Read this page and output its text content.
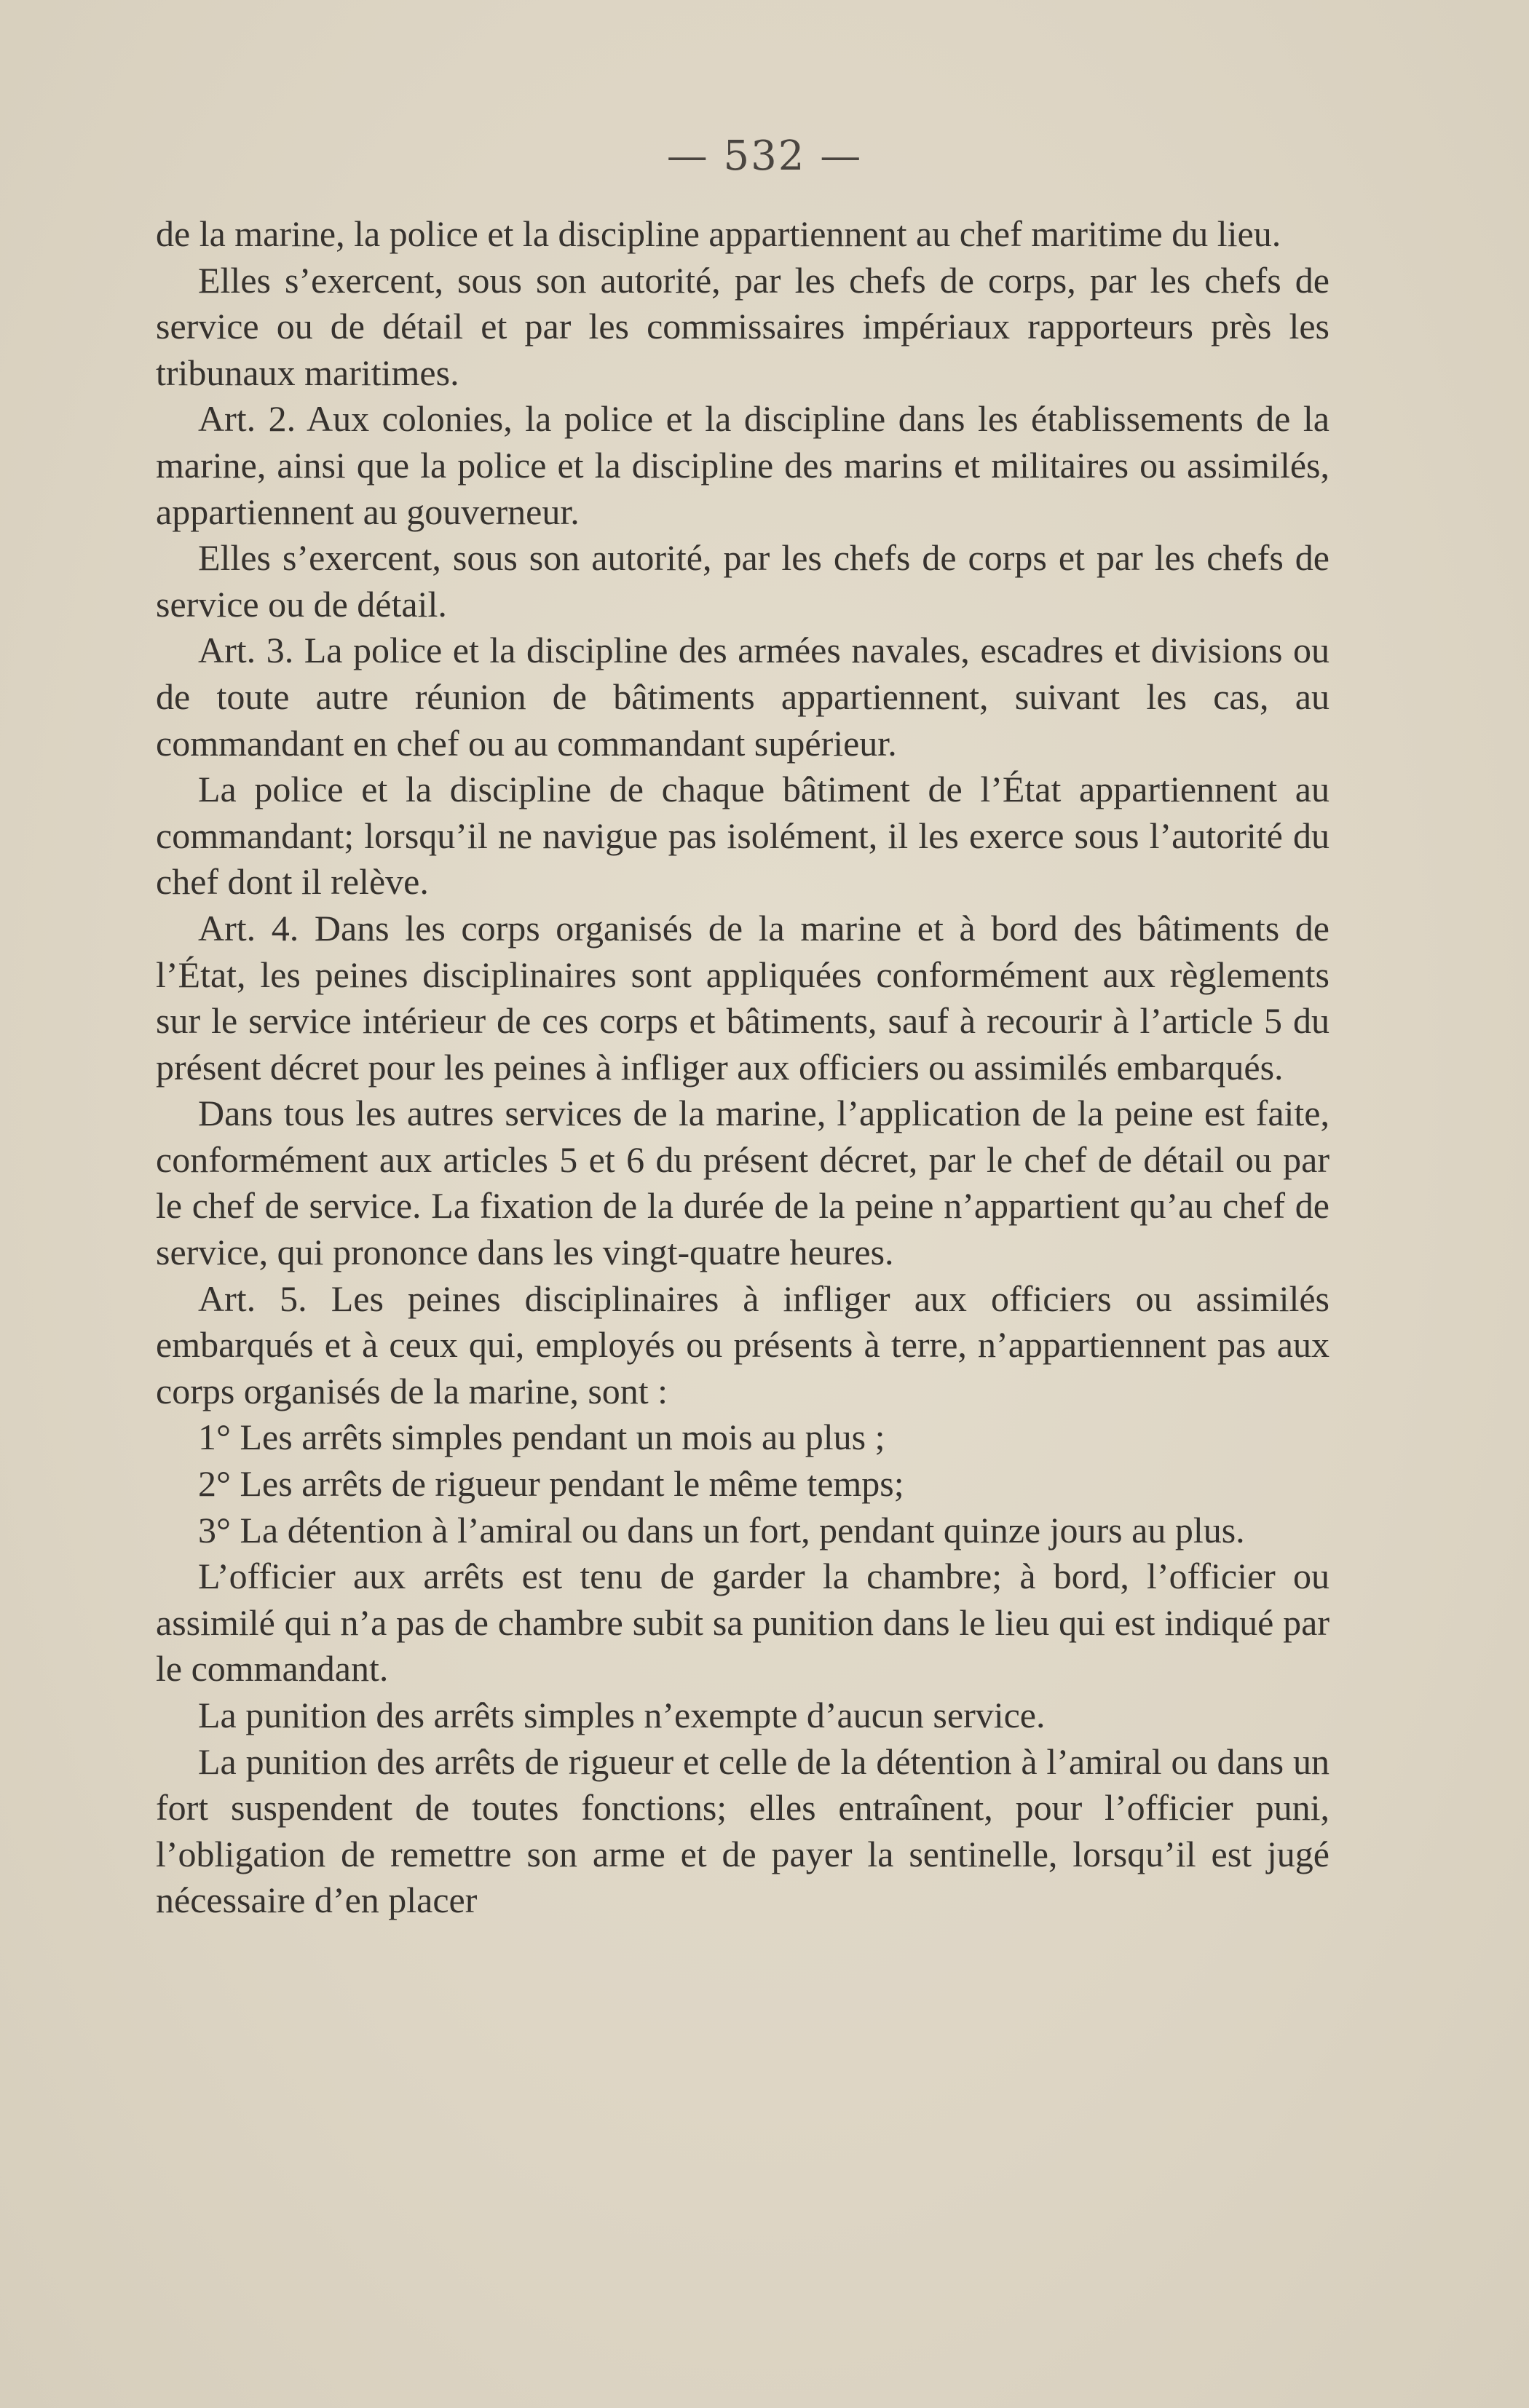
— 532 —

de la marine, la police et la discipline appartiennent au chef maritime du lieu.

Elles s’exercent, sous son autorité, par les chefs de corps, par les chefs de service ou de détail et par les commissaires impériaux rapporteurs près les tribunaux maritimes.

Art. 2. Aux colonies, la police et la discipline dans les établissements de la marine, ainsi que la police et la discipline des marins et militaires ou assimilés, appartiennent au gouverneur.

Elles s’exercent, sous son autorité, par les chefs de corps et par les chefs de service ou de détail.

Art. 3. La police et la discipline des armées navales, escadres et divisions ou de toute autre réunion de bâtiments appartiennent, suivant les cas, au commandant en chef ou au commandant supérieur.

La police et la discipline de chaque bâtiment de l’État appartiennent au commandant; lorsqu’il ne navigue pas isolément, il les exerce sous l’autorité du chef dont il relève.

Art. 4. Dans les corps organisés de la marine et à bord des bâtiments de l’État, les peines disciplinaires sont appliquées conformément aux règlements sur le service intérieur de ces corps et bâtiments, sauf à recourir à l’article 5 du présent décret pour les peines à infliger aux officiers ou assimilés embarqués.

Dans tous les autres services de la marine, l’application de la peine est faite, conformément aux articles 5 et 6 du présent décret, par le chef de détail ou par le chef de service. La fixation de la durée de la peine n’appartient qu’au chef de service, qui prononce dans les vingt-quatre heures.

Art. 5. Les peines disciplinaires à infliger aux officiers ou assimilés embarqués et à ceux qui, employés ou présents à terre, n’appartiennent pas aux corps organisés de la marine, sont :

1° Les arrêts simples pendant un mois au plus ;

2° Les arrêts de rigueur pendant le même temps;

3° La détention à l’amiral ou dans un fort, pendant quinze jours au plus.

L’officier aux arrêts est tenu de garder la chambre; à bord, l’officier ou assimilé qui n’a pas de chambre subit sa punition dans le lieu qui est indiqué par le commandant.

La punition des arrêts simples n’exempte d’aucun service.

La punition des arrêts de rigueur et celle de la détention à l’amiral ou dans un fort suspendent de toutes fonctions; elles entraînent, pour l’officier puni, l’obligation de remettre son arme et de payer la sentinelle, lorsqu’il est jugé nécessaire d’en placer
